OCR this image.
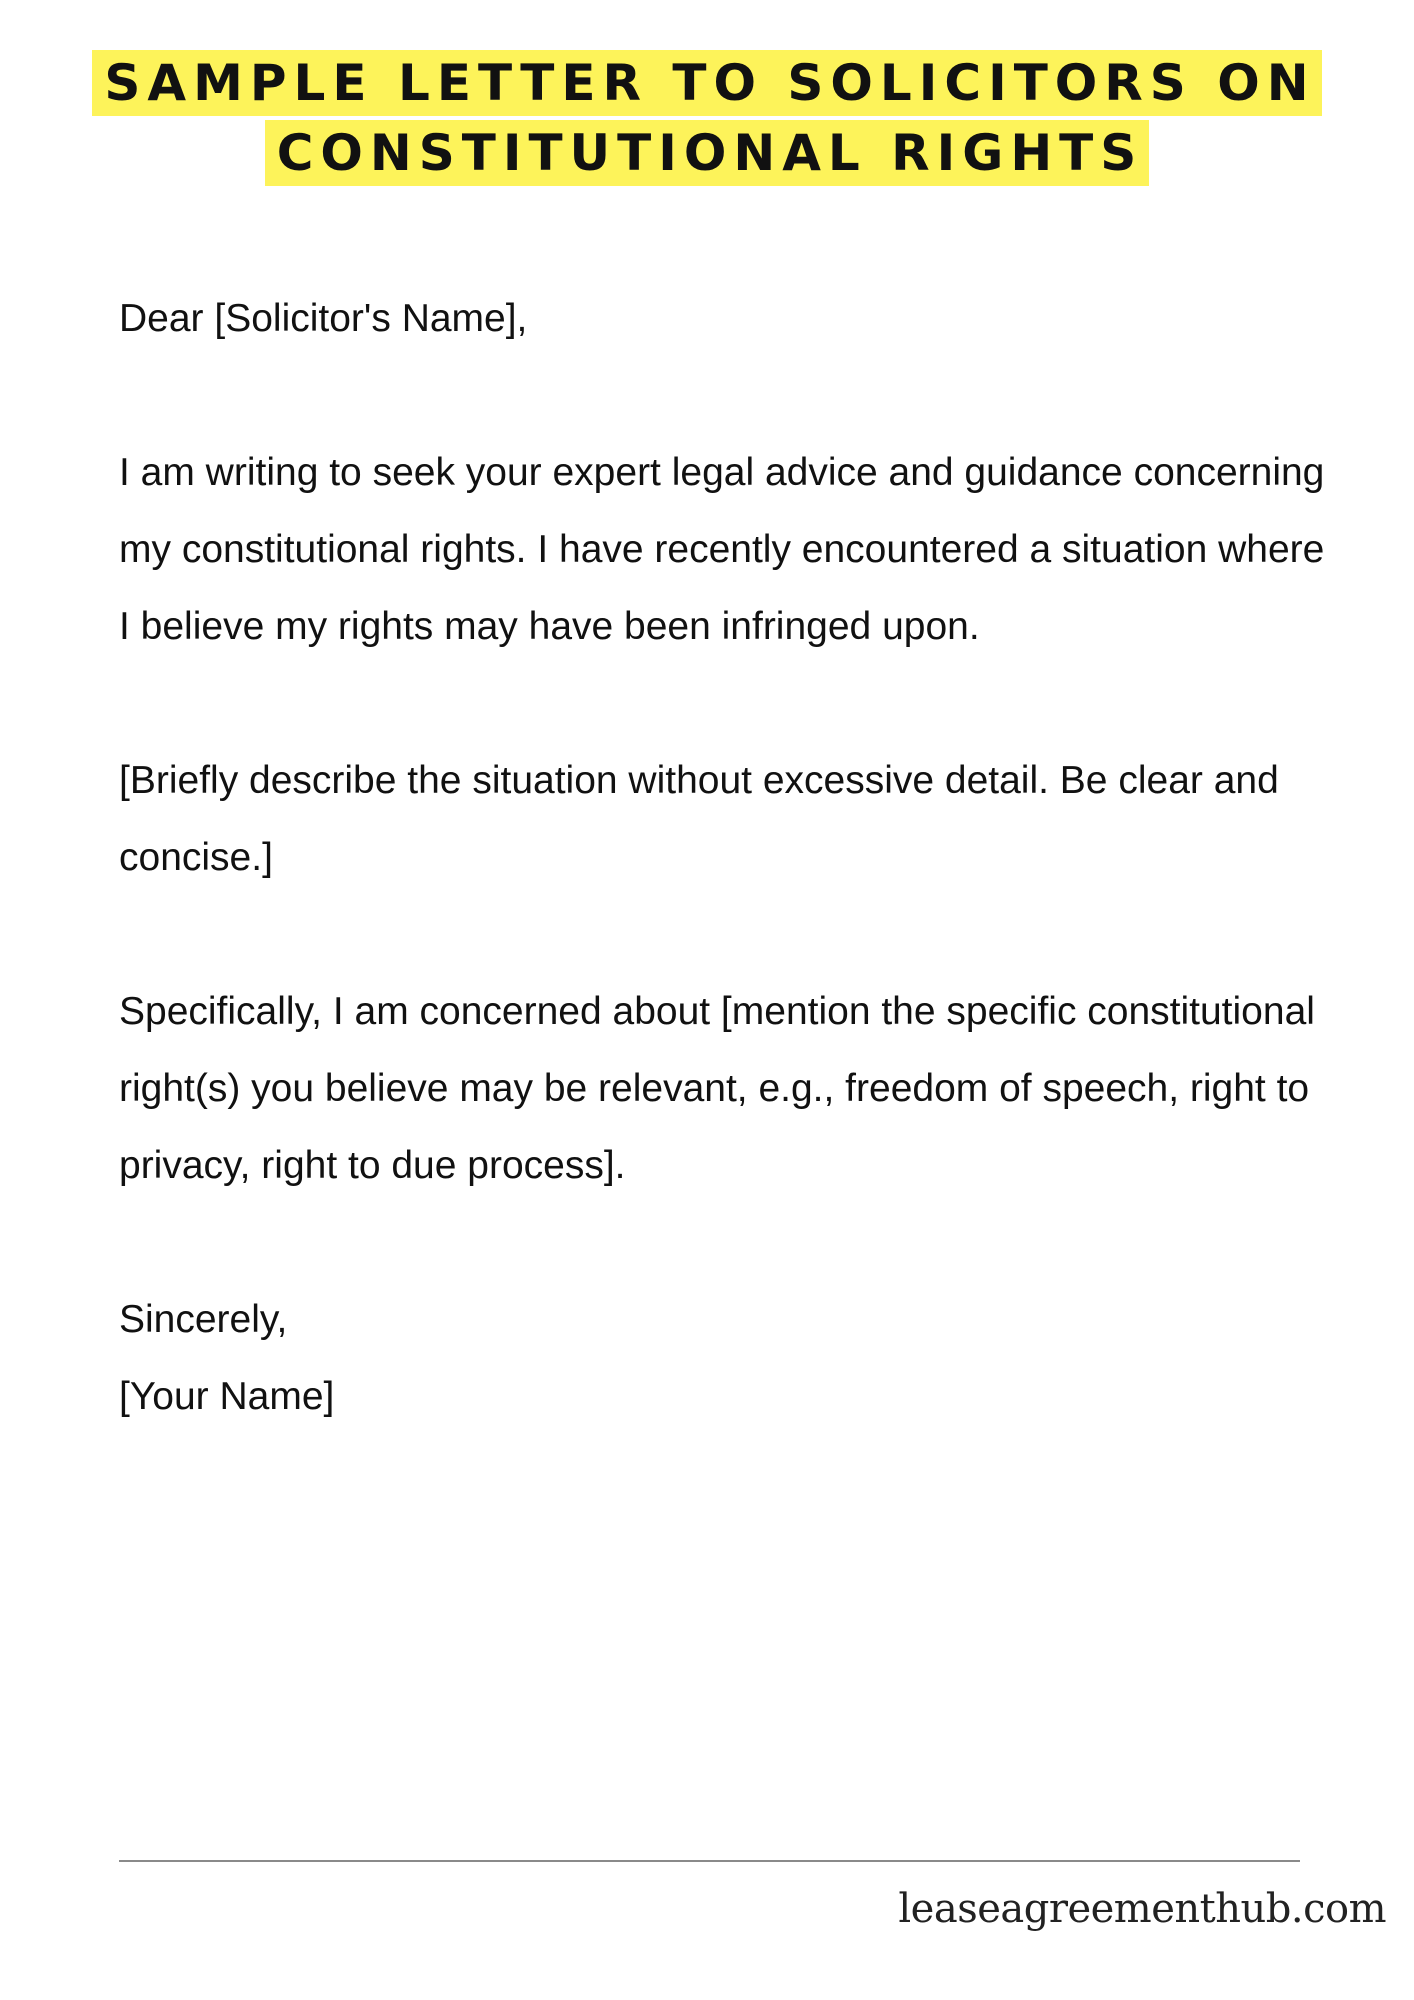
SAMPLE LETTER TO SOLICITORS ON
CONSTITUTIONAL RIGHTS

Dear [Solicitor's Name],

I am writing to seek your expert legal advice and guidance concerning my constitutional rights. I have recently encountered a situation where I believe my rights may have been infringed upon.

[Briefly describe the situation without excessive detail. Be clear and concise.]

Specifically, I am concerned about [mention the specific constitutional right(s) you believe may be relevant, e.g., freedom of speech, right to privacy, right to due process].

Sincerely,

[Your Name]

leaseagreementhub.com
